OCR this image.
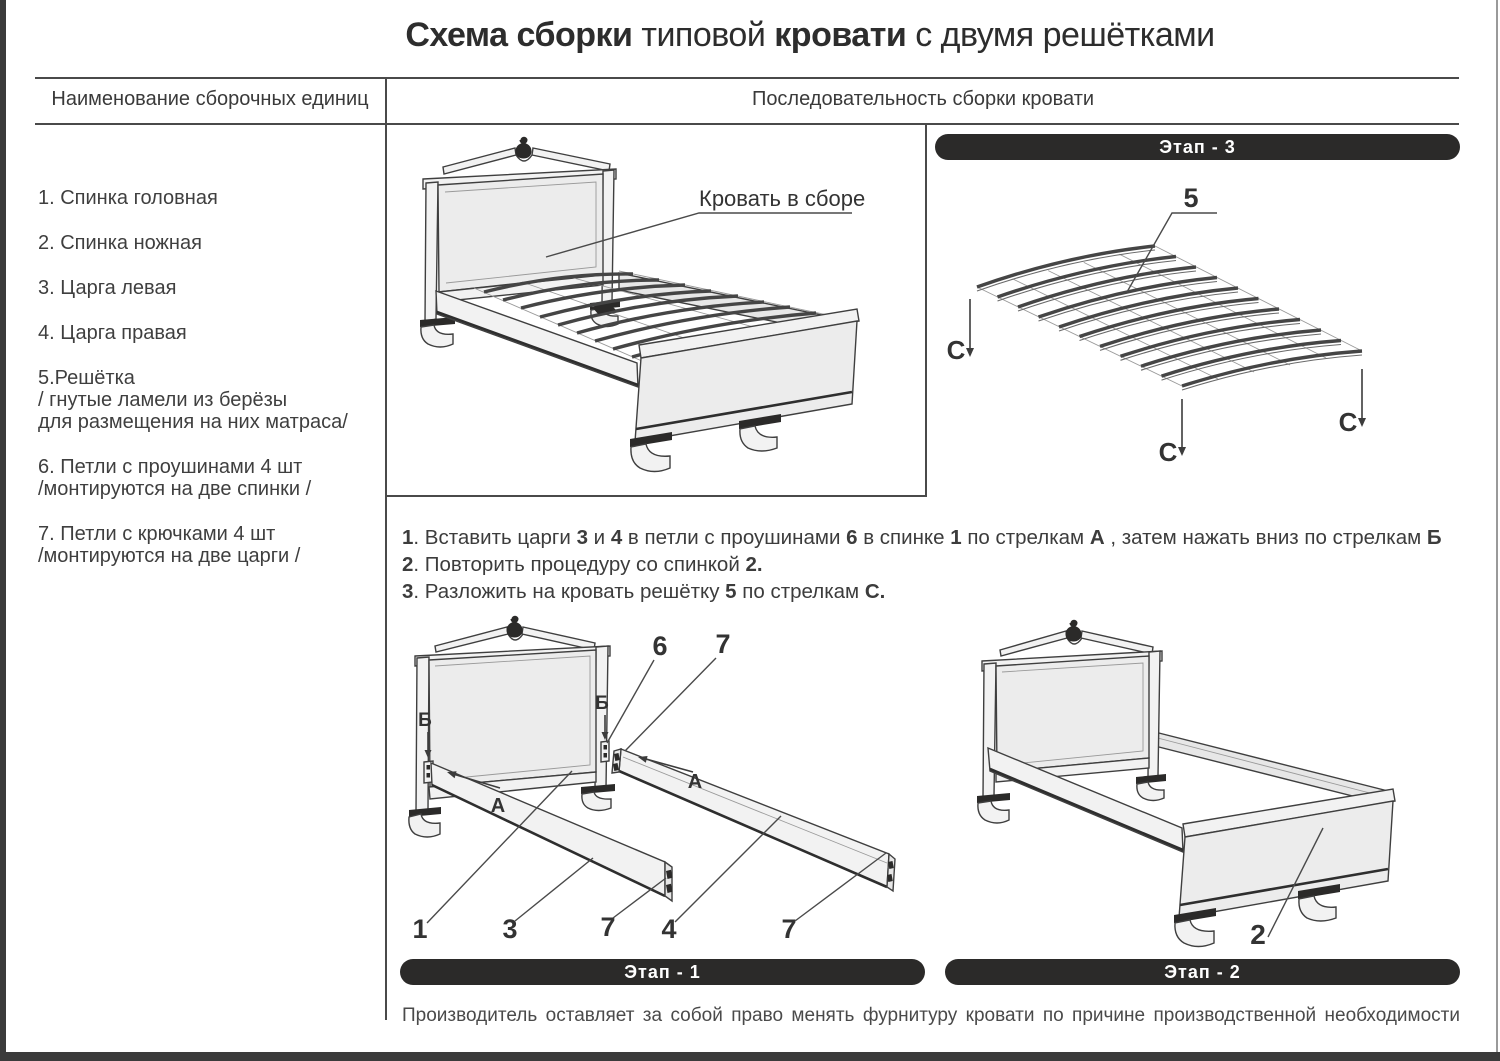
Схема сборки типовой кровати с двумя решётками
Наименование сборочных единиц	Последовательность сборки кровати
1. Спинка головная
2. Спинка ножная
3. Царга левая
4. Царга правая
5.Решётка
/ гнутые ламели из берёзы
для размещения на них матраса/
6. Петли с проушинами 4 шт
/монтируются на две спинки /
7. Петли с крючками 4 шт
/монтируются на две царги /
Этап - 3
Этап - 1	Этап - 2
Кровать в сборе	5
С
С
С
1. Вставить царги 3 и 4 в петли с проушинами 6 в спинке 1 по стрелкам А , затем нажать вниз по стрелкам Б
2. Повторить процедуру со спинкой 2.
3. Разложить на кровать решётку 5 по стрелкам С.
Б
Б
А
А
6 7
1	3	7 4	7	2
Производитель оставляет за собой право менять фурнитуру кровати по причине производственной необходимости
